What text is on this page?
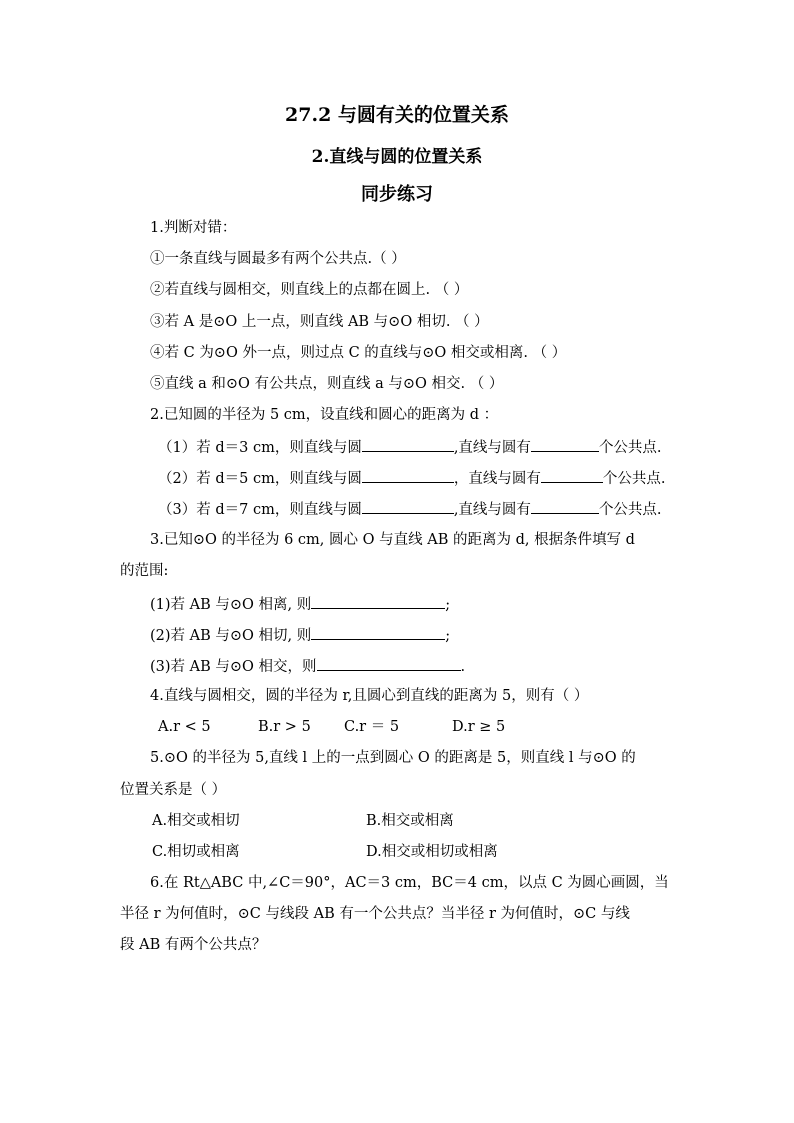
27.2 与圆有关的位置关系
2.直线与圆的位置关系
同步练习
1.判断对错：
①一条直线与圆最多有两个公共点.（ ）
②若直线与圆相交，则直线上的点都在圆上. （ ）
③若 A 是⊙O 上一点，则直线 AB 与⊙O 相切. （ ）
④若 C 为⊙O 外一点，则过点 C 的直线与⊙O 相交或相离. （ ）
⑤直线 a 和⊙O 有公共点，则直线 a 与⊙O 相交. （ ）
2.已知圆的半径为 5 cm，设直线和圆心的距离为 d ：
（1）若 d＝3 cm，则直线与圆	,直线与圆有	个公共点.
（2）若 d＝5 cm，则直线与圆	，直线与圆有	个公共点.
（3）若 d＝7 cm，则直线与圆	,直线与圆有	个公共点.
3.已知⊙O 的半径为 6 cm, 圆心 O 与直线 AB 的距离为 d, 根据条件填写 d
的范围:
(1)若 AB 与⊙O 相离, 则	;
(2)若 AB 与⊙O 相切, 则	;
(3)若 AB 与⊙O 相交，则	.
4.直线与圆相交，圆的半径为 r,且圆心到直线的距离为 5，则有（ ）
A.r < 5	B.r > 5 C.r ＝ 5	D.r ≥ 5
5.⊙O 的半径为 5,直线 l 上的一点到圆心 O 的距离是 5，则直线 l 与⊙O 的
位置关系是（ ）
A.相交或相切	B.相交或相离
C.相切或相离	D.相交或相切或相离
6.在 Rt△ABC 中,∠C＝90°，AC＝3 cm，BC＝4 cm，以点 C 为圆心画圆，当
半径 r 为何值时，⊙C 与线段 AB 有一个公共点？当半径 r 为何值时，⊙C 与线
段 AB 有两个公共点？
